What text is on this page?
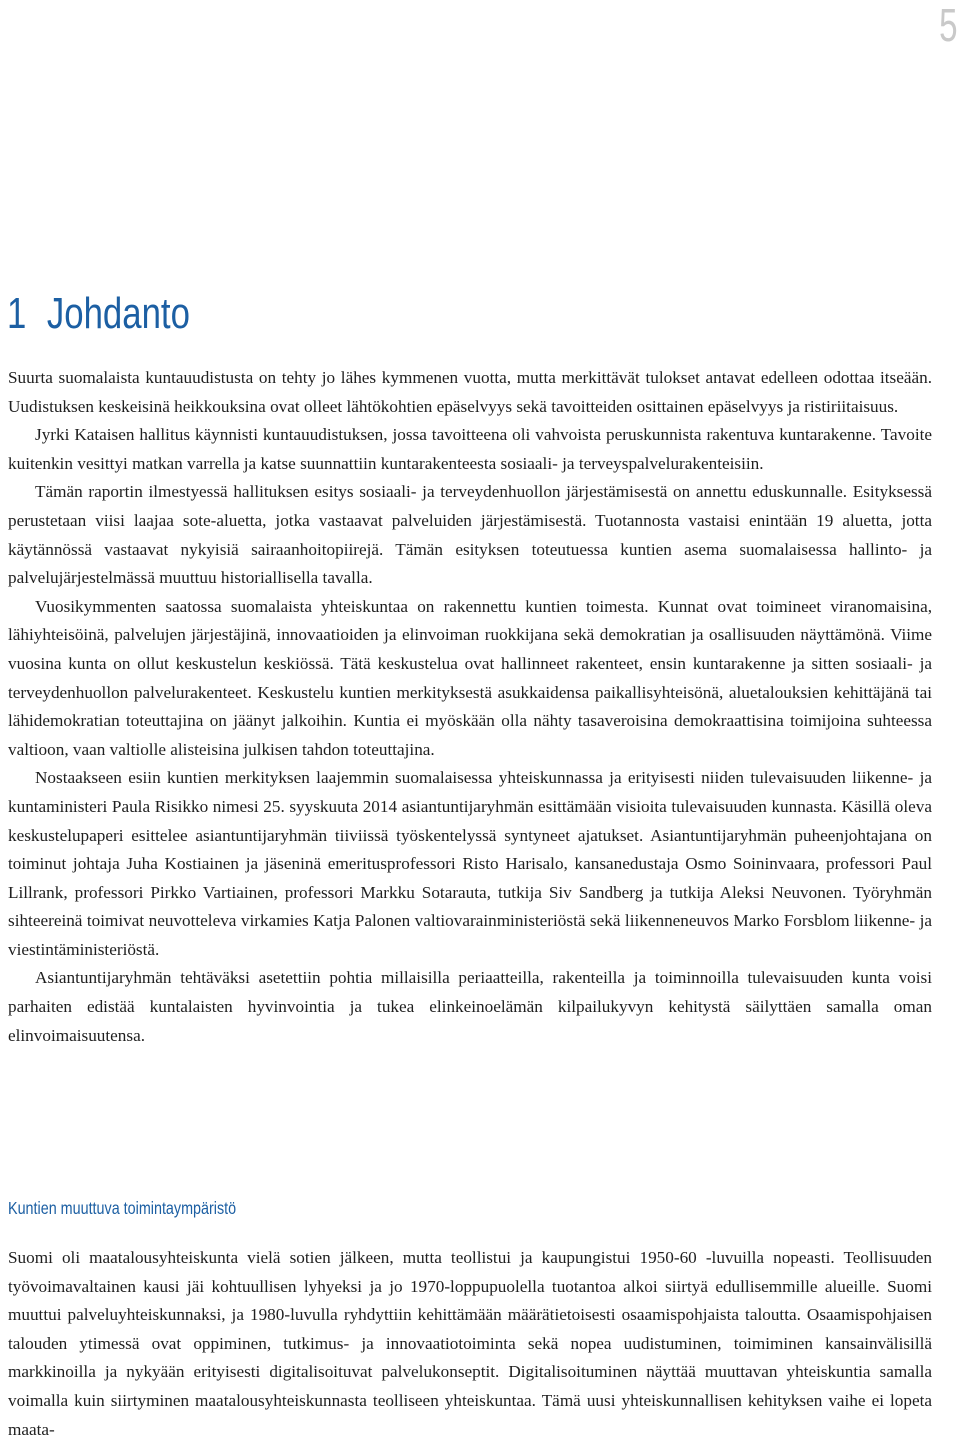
5
1 Johdanto

Suurta suomalaista kuntauudistusta on tehty jo lähes kymmenen vuotta, mutta merkittävät tulokset antavat edelleen odottaa itseään. Uudistuksen keskeisinä heikkouksina ovat olleet lähtökohtien epäselvyys sekä tavoitteiden osittainen epäselvyys ja ristiriitaisuus.

Jyrki Kataisen hallitus käynnisti kuntauudistuksen, jossa tavoitteena oli vahvoista peruskunnista rakentuva kuntarakenne. Tavoite kuitenkin vesittyi matkan varrella ja katse suunnattiin kuntarakenteesta sosiaali- ja terveyspalvelurakenteisiin.

Tämän raportin ilmestyessä hallituksen esitys sosiaali- ja terveydenhuollon järjestämisestä on annettu eduskunnalle. Esityksessä perustetaan viisi laajaa sote-aluetta, jotka vastaavat palveluiden järjestämisestä. Tuotannosta vastaisi enintään 19 aluetta, jotta käytännössä vastaavat nykyisiä sairaanhoitopiirejä. Tämän esityksen toteutuessa kuntien asema suomalaisessa hallinto- ja palvelujärjestelmässä muuttuu historiallisella tavalla.

Vuosikymmenten saatossa suomalaista yhteiskuntaa on rakennettu kuntien toimesta. Kunnat ovat toimineet viranomaisina, lähiyhteisöinä, palvelujen järjestäjinä, innovaatioiden ja elinvoiman ruokkijana sekä demokratian ja osallisuuden näyttämönä. Viime vuosina kunta on ollut keskustelun keskiössä. Tätä keskustelua ovat hallinneet rakenteet, ensin kuntarakenne ja sitten sosiaali- ja terveydenhuollon palvelurakenteet. Keskustelu kuntien merkityksestä asukkaidensa paikallisyhteisönä, aluetalouksien kehittäjänä tai lähidemokratian toteuttajina on jäänyt jalkoihin. Kuntia ei myöskään olla nähty tasaveroisina demokraattisina toimijoina suhteessa valtioon, vaan valtiolle alisteisina julkisen tahdon toteuttajina.

Nostaakseen esiin kuntien merkityksen laajemmin suomalaisessa yhteiskunnassa ja erityisesti niiden tulevaisuuden liikenne- ja kuntaministeri Paula Risikko nimesi 25. syyskuuta 2014 asiantuntijaryhmän esittämään visioita tulevaisuuden kunnasta. Käsillä oleva keskustelupaperi esittelee asiantuntijaryhmän tiiviissä työskentelyssä syntyneet ajatukset. Asiantuntijaryhmän puheenjohtajana on toiminut johtaja Juha Kostiainen ja jäseninä emeritusprofessori Risto Harisalo, kansanedustaja Osmo Soininvaara, professori Paul Lillrank, professori Pirkko Vartiainen, professori Markku Sotarauta, tutkija Siv Sandberg ja tutkija Aleksi Neuvonen. Työryhmän sihteereinä toimivat neuvotteleva virkamies Katja Palonen valtiovarainministeriöstä sekä liikenneneuvos Marko Forsblom liikenne- ja viestintäministeriöstä.

Asiantuntijaryhmän tehtäväksi asetettiin pohtia millaisilla periaatteilla, rakenteilla ja toiminnoilla tulevaisuuden kunta voisi parhaiten edistää kuntalaisten hyvinvointia ja tukea elinkeinoelämän kilpailukyvyn kehitystä säilyttäen samalla oman elinvoimaisuutensa.

Kuntien muuttuva toimintaympäristö

Suomi oli maatalousyhteiskunta vielä sotien jälkeen, mutta teollistui ja kaupungistui 1950-60 -luvuilla nopeasti. Teollisuuden työvoimavaltainen kausi jäi kohtuullisen lyhyeksi ja jo 1970-loppupuolella tuotantoa alkoi siirtyä edullisemmille alueille. Suomi muuttui palveluyhteiskunnaksi, ja 1980-luvulla ryhdyttiin kehittämään määrätietoisesti osaamispohjaista taloutta. Osaamispohjaisen talouden ytimessä ovat oppiminen, tutkimus- ja innovaatiotoiminta sekä nopea uudistuminen, toimiminen kansainvälisillä markkinoilla ja nykyään erityisesti digitalisoituvat palvelukonseptit. Digitalisoituminen näyttää muuttavan yhteiskuntia samalla voimalla kuin siirtyminen maatalousyhteiskunnasta teolliseen yhteiskuntaa. Tämä uusi yhteiskunnallisen kehityksen vaihe ei lopeta maata-
